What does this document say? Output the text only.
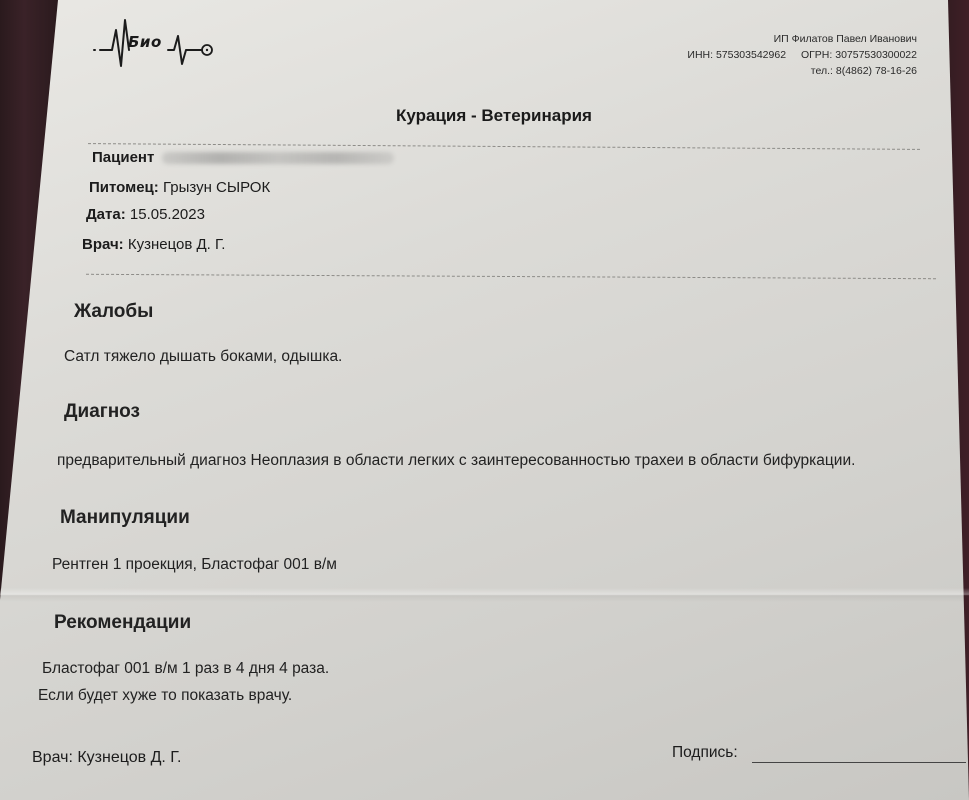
Био	ИП Филатов Павел Иванович
ИНН: 575303542962 ОГРН: 30757530300022
тел.: 8(4862) 78-16-26
Курация - Ветеринария
Пациент
Питомец: Грызун СЫРОК
Дата: 15.05.2023
Врач: Кузнецов Д. Г.
Жалобы
Сатл тяжело дышать боками, одышка.
Диагноз
предварительный диагноз Неоплазия в области легких с заинтересованностью трахеи в области бифуркации.
Манипуляции
Рентген 1 проекция, Бластофаг 001 в/м
Рекомендации
Бластофаг 001 в/м 1 раз в 4 дня 4 раза.
Если будет хуже то показать врачу.
Врач: Кузнецов Д. Г.	Подпись:
